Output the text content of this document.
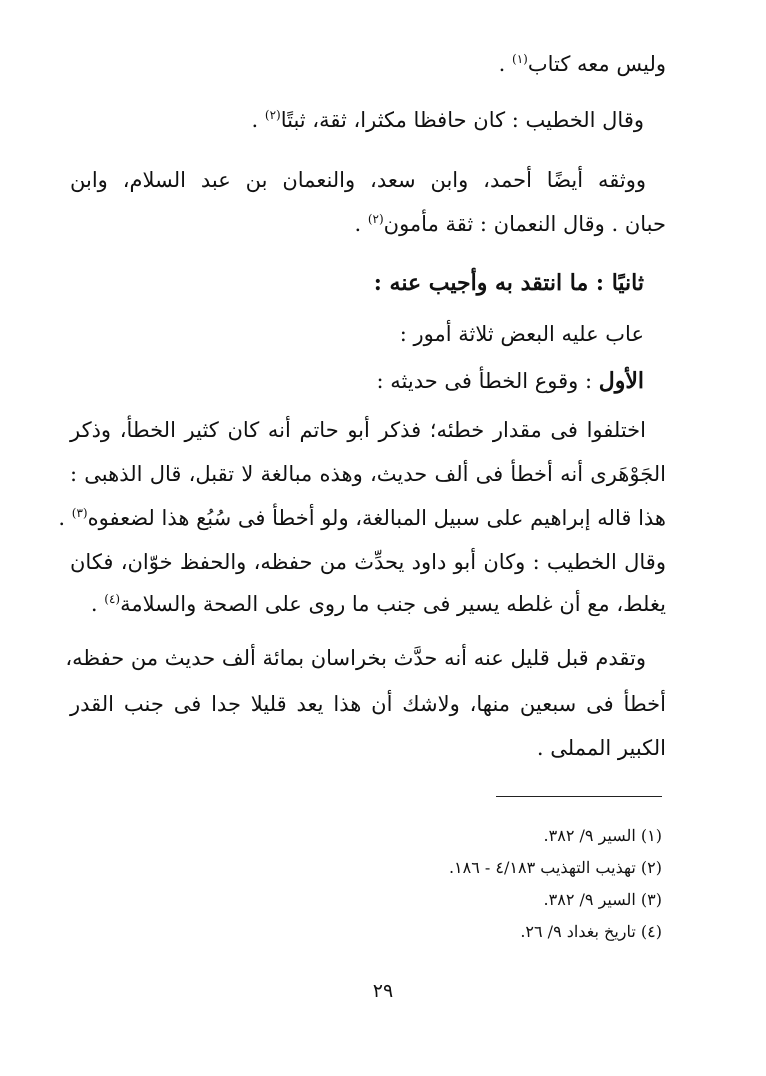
وليس معه كتاب$^{(١)}$ .
وقال الخطيب : كان حافظا مكثرا، ثقة، ثبتًا$^{(٢)}$ .
ووثقه أيضًا أحمد، وابن سعد، والنعمان بن عبد السلام، وابن
حبان . وقال النعمان : ثقة مأمون$^{(٢)}$ .
ثانيًا : ما انتقد به وأجيب عنه :
عاب عليه البعض ثلاثة أمور :
الأول : وقوع الخطأ فى حديثه :
اختلفوا فى مقدار خطئه؛ فذكر أبو حاتم أنه كان كثير الخطأ، وذكر
الجَوْهَرى أنه أخطأ فى ألف حديث، وهذه مبالغة لا تقبل، قال الذهبى :
هذا قاله إبراهيم على سبيل المبالغة، ولو أخطأ فى سُبُع هذا لضعفوه$^{(٣)}$ .
وقال الخطيب : وكان أبو داود يحدِّث من حفظه، والحفظ خوّان، فكان
يغلط، مع أن غلطه يسير فى جنب ما روى على الصحة والسلامة$^{(٤)}$ .
وتقدم قبل قليل عنه أنه حدَّث بخراسان بمائة ألف حديث من حفظه،
أخطأ فى سبعين منها، ولاشك أن هذا يعد قليلا جدا فى جنب القدر
الكبير المملى .
(١) السير ٩/ ٣٨٢.
(٢) تهذيب التهذيب ٤/١٨٣ - ١٨٦.
(٣) السير ٩/ ٣٨٢.
(٤) تاريخ بغداد ٩/ ٢٦.
٢٩
